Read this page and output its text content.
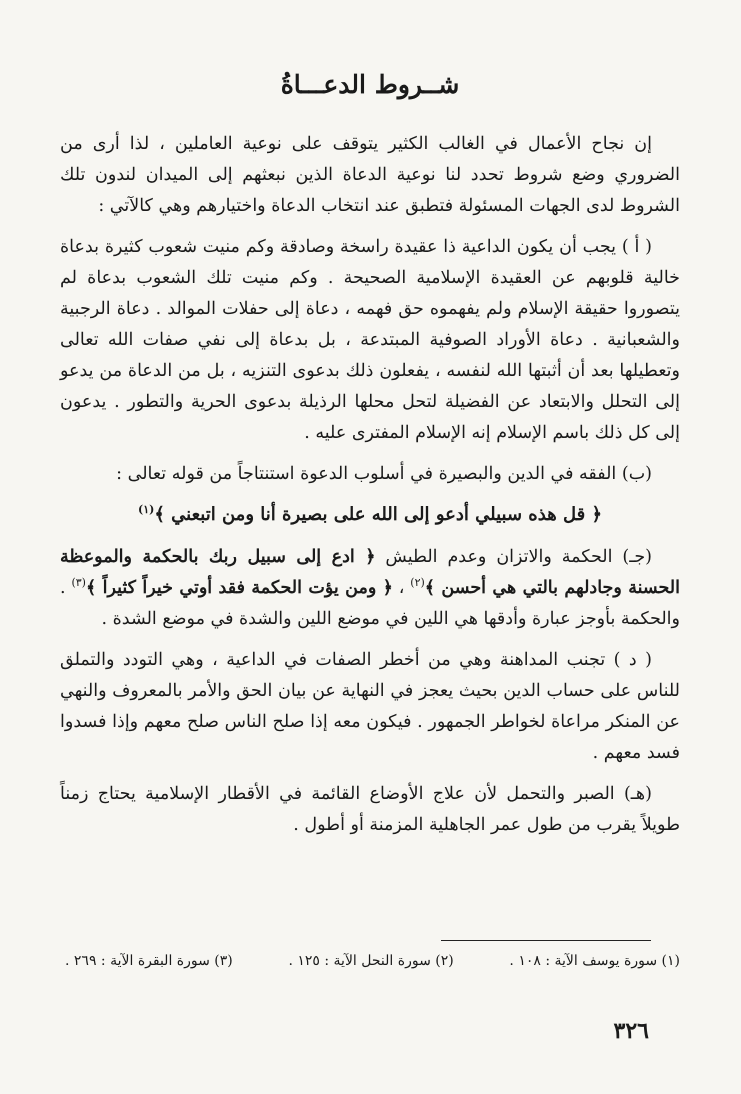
شــروط الدعـــاةُ

إن نجاح الأعمال في الغالب الكثير يتوقف على نوعية العاملين ، لذا أرى من الضروري وضع شروط تحدد لنا نوعية الدعاة الذين نبعثهم إلى الميدان لندون تلك الشروط لدى الجهات المسئولة فتطبق عند انتخاب الدعاة واختيارهم وهي كالآتي :

( أ ) يجب أن يكون الداعية ذا عقيدة راسخة وصادقة وكم منيت شعوب كثيرة بدعاة خالية قلوبهم عن العقيدة الإسلامية الصحيحة . وكم منيت تلك الشعوب بدعاة لم يتصوروا حقيقة الإسلام ولم يفهموه حق فهمه ، دعاة إلى حفلات الموالد . دعاة الرجبية والشعبانية . دعاة الأوراد الصوفية المبتدعة ، بل بدعاة إلى نفي صفات الله تعالى وتعطيلها بعد أن أثبتها الله لنفسه ، يفعلون ذلك بدعوى التنزيه ، بل من الدعاة من يدعو إلى التحلل والابتعاد عن الفضيلة لتحل محلها الرذيلة بدعوى الحرية والتطور . يدعون إلى كل ذلك باسم الإسلام إنه الإسلام المفترى عليه .

(ب) الفقه في الدين والبصيرة في أسلوب الدعوة استنتاجاً من قوله تعالى :

﴿ قل هذه سبيلي أدعو إلى الله على بصيرة أنا ومن اتبعني ﴾$^{(١)}$

(جـ) الحكمة والاتزان وعدم الطيش ﴿ ادع إلى سبيل ربك بالحكمة والموعظة الحسنة وجادلهم بالتي هي أحسن ﴾$^{(٢)}$ ، ﴿ ومن يؤت الحكمة فقد أوتي خيراً كثيراً ﴾$^{(٣)}$ . والحكمة بأوجز عبارة وأدقها هي اللين في موضع اللين والشدة في موضع الشدة .

( د ) تجنب المداهنة وهي من أخطر الصفات في الداعية ، وهي التودد والتملق للناس على حساب الدين بحيث يعجز في النهاية عن بيان الحق والأمر بالمعروف والنهي عن المنكر مراعاة لخواطر الجمهور . فيكون معه إذا صلح الناس صلح معهم وإذا فسدوا فسد معهم .

(هـ) الصبر والتحمل لأن علاج الأوضاع القائمة في الأقطار الإسلامية يحتاج زمناً طويلاً يقرب من طول عمر الجاهلية المزمنة أو أطول .

(١) سورة يوسف الآية : ١٠٨ .
(٢) سورة النحل الآية : ١٢٥ .
(٣) سورة البقرة الآية : ٢٦٩ .
٣٢٦
